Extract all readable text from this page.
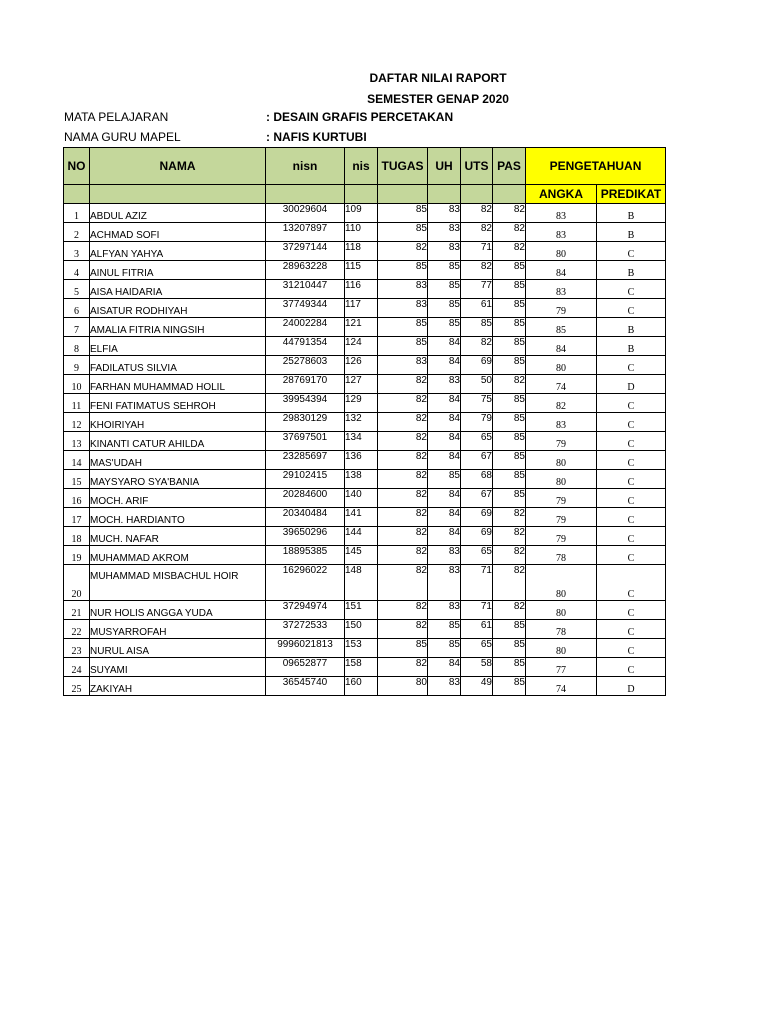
DAFTAR NILAI RAPORT
SEMESTER GENAP 2020
MATA PELAJARAN	: DESAIN GRAFIS PERCETAKAN
NAMA GURU MAPEL	: NAFIS KURTUBI
NO	NAMA	nisn	nis	TUGAS	UH	UTS	PAS	PENGETAHUAN	
								ANGKA	PREDIKAT
1	ABDUL AZIZ	30029604	109	85	83	82	82	83	B
2	ACHMAD SOFI	13207897	110	85	83	82	82	83	B
3	ALFYAN YAHYA	37297144	118	82	83	71	82	80	C
4	AINUL FITRIA	28963228	115	85	85	82	85	84	B
5	AISA HAIDARIA	31210447	116	83	85	77	85	83	C
6	AISATUR RODHIYAH	37749344	117	83	85	61	85	79	C
7	AMALIA FITRIA NINGSIH	24002284	121	85	85	85	85	85	B
8	ELFIA	44791354	124	85	84	82	85	84	B
9	FADILATUS SILVIA	25278603	126	83	84	69	85	80	C
10	FARHAN MUHAMMAD HOLIL	28769170	127	82	83	50	82	74	D
11	FENI FATIMATUS SEHROH	39954394	129	82	84	75	85	82	C
12	KHOIRIYAH	29830129	132	82	84	79	85	83	C
13	KINANTI CATUR AHILDA	37697501	134	82	84	65	85	79	C
14	MAS'UDAH	23285697	136	82	84	67	85	80	C
15	MAYSYARO SYA'BANIA	29102415	138	82	85	68	85	80	C
16	MOCH. ARIF	20284600	140	82	84	67	85	79	C
17	MOCH. HARDIANTO	20340484	141	82	84	69	82	79	C
18	MUCH. NAFAR	39650296	144	82	84	69	82	79	C
19	MUHAMMAD AKROM	18895385	145	82	83	65	82	78	C
20	MUHAMMAD MISBACHUL HOIR	16296022	148	82	83	71	82	80	C
21	NUR HOLIS ANGGA YUDA	37294974	151	82	83	71	82	80	C
22	MUSYARROFAH	37272533	150	82	85	61	85	78	C
23	NURUL AISA	9996021813	153	85	85	65	85	80	C
24	SUYAMI	09652877	158	82	84	58	85	77	C
25	ZAKIYAH	36545740	160	80	83	49	85	74	D
